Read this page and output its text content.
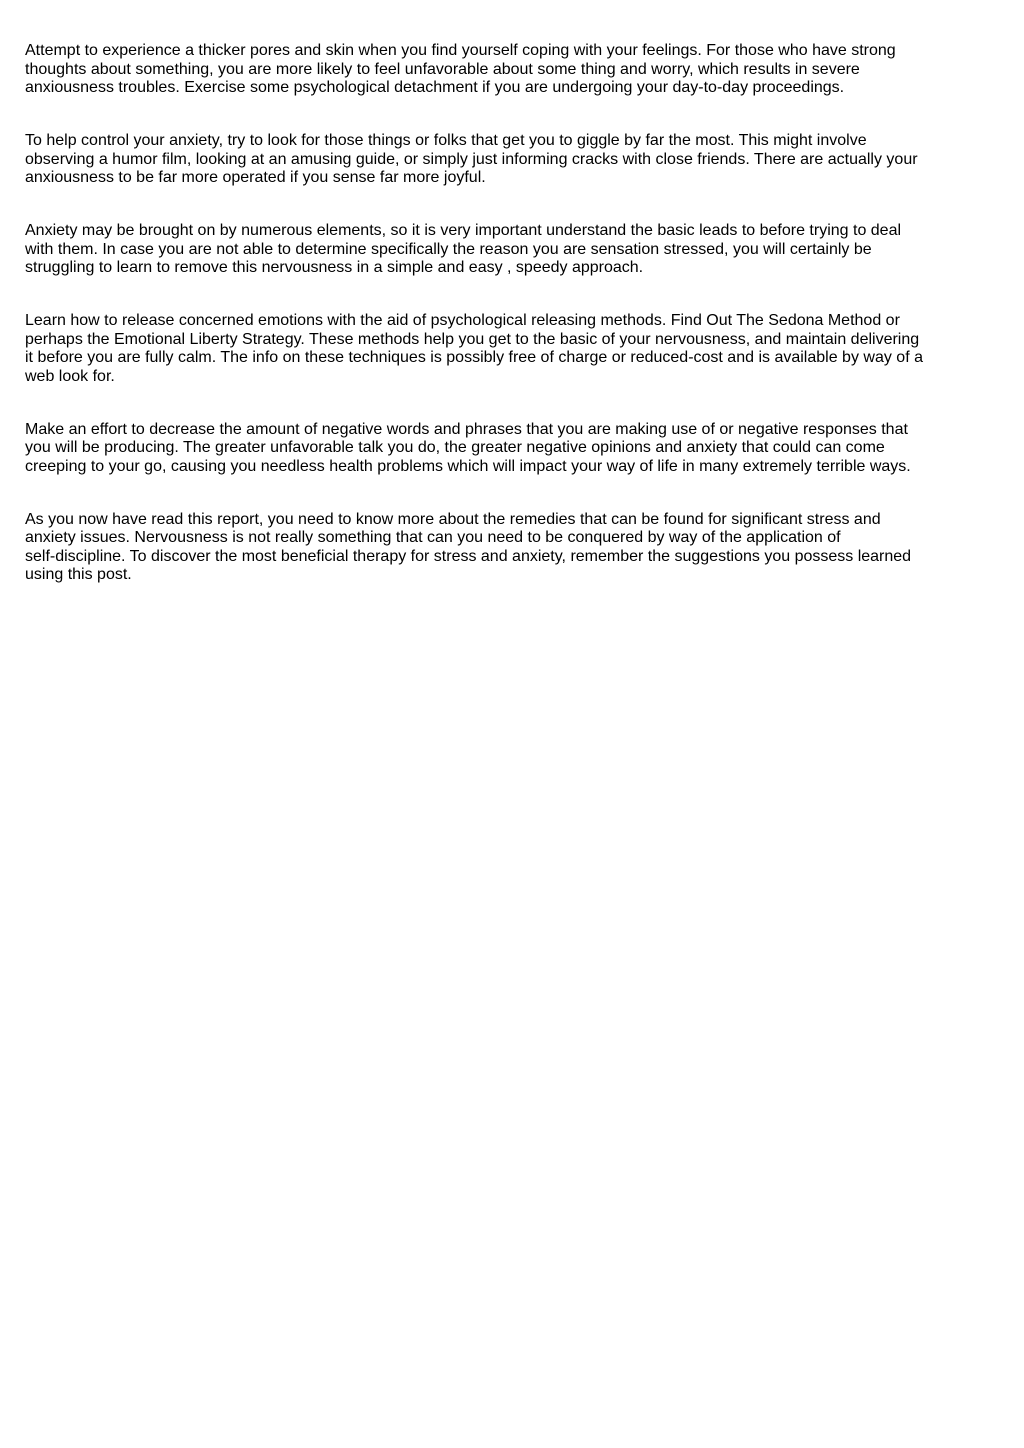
Attempt to experience a thicker pores and skin when you find yourself coping with your feelings. For those who have strong
thoughts about something, you are more likely to feel unfavorable about some thing and worry, which results in severe
anxiousness troubles. Exercise some psychological detachment if you are undergoing your day-to-day proceedings.

To help control your anxiety, try to look for those things or folks that get you to giggle by far the most. This might involve
observing a humor film, looking at an amusing guide, or simply just informing cracks with close friends. There are actually your
anxiousness to be far more operated if you sense far more joyful.

Anxiety may be brought on by numerous elements, so it is very important understand the basic leads to before trying to deal
with them. In case you are not able to determine specifically the reason you are sensation stressed, you will certainly be
struggling to learn to remove this nervousness in a simple and easy , speedy approach.

Learn how to release concerned emotions with the aid of psychological releasing methods. Find Out The Sedona Method or
perhaps the Emotional Liberty Strategy. These methods help you get to the basic of your nervousness, and maintain delivering
it before you are fully calm. The info on these techniques is possibly free of charge or reduced-cost and is available by way of a
web look for.

Make an effort to decrease the amount of negative words and phrases that you are making use of or negative responses that
you will be producing. The greater unfavorable talk you do, the greater negative opinions and anxiety that could can come
creeping to your go, causing you needless health problems which will impact your way of life in many extremely terrible ways.

As you now have read this report, you need to know more about the remedies that can be found for significant stress and
anxiety issues. Nervousness is not really something that can you need to be conquered by way of the application of
self-discipline. To discover the most beneficial therapy for stress and anxiety, remember the suggestions you possess learned
using this post.
